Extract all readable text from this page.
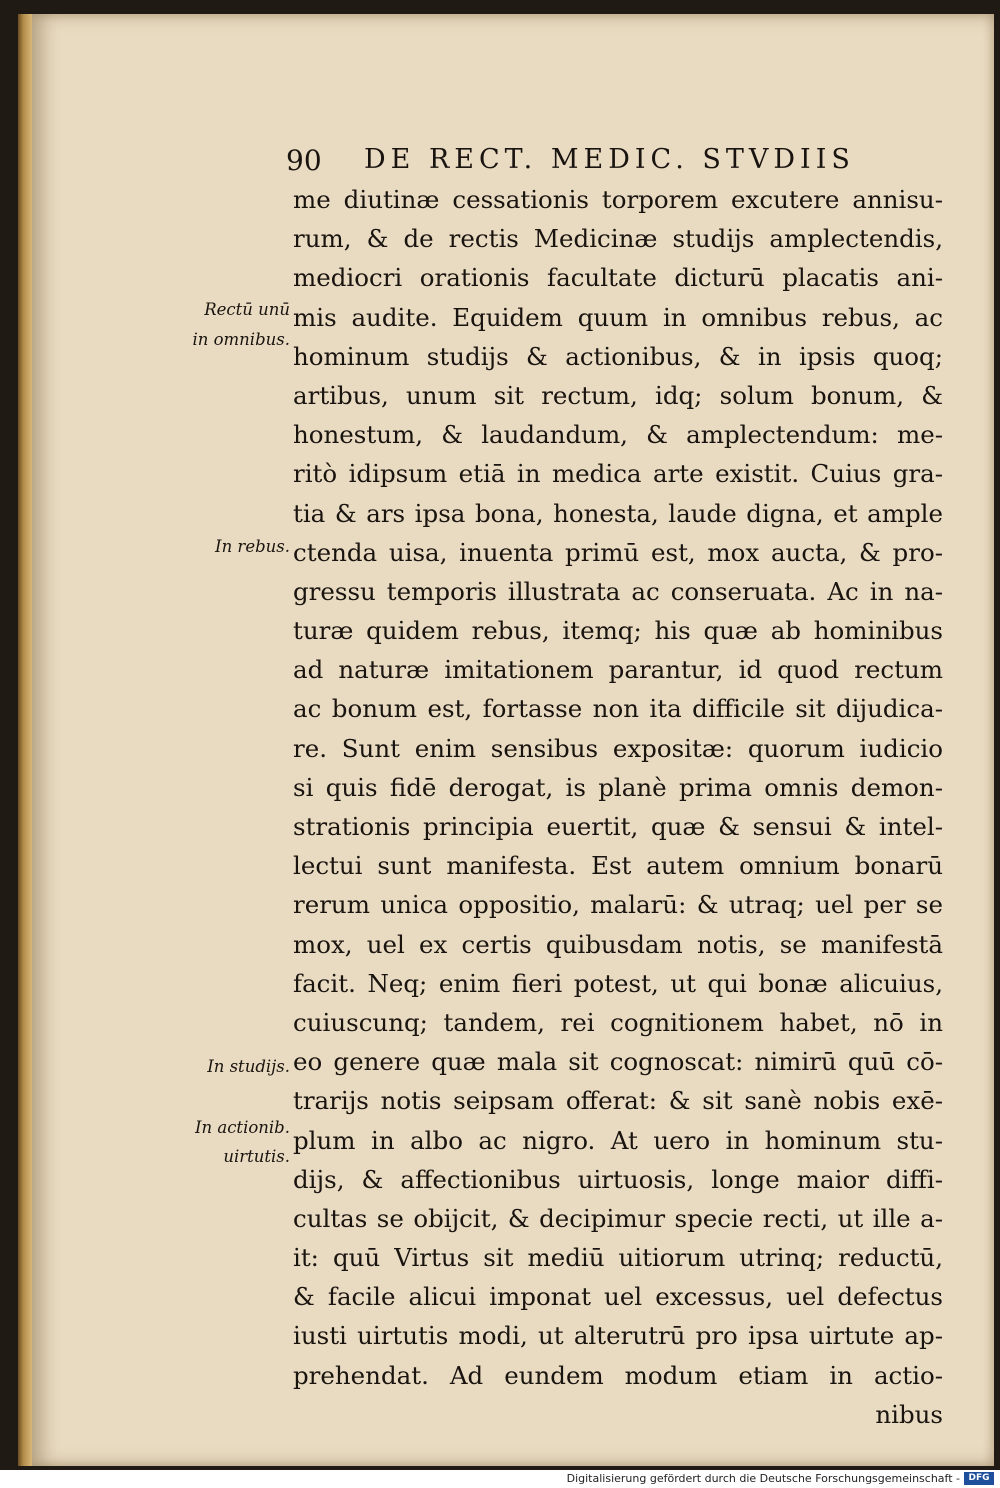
90 DE RECT. MEDIC. STVDIIS
me diutinæ cessationis torporem excutere annisu-
rum, & de rectis Medicinæ studijs amplectendis,
mediocri orationis facultate dicturū placatis ani-
mis audite. Equidem quum in omnibus rebus, ac
hominum studijs & actionibus, & in ipsis quoq;
artibus, unum sit rectum, idq; solum bonum, &
honestum, & laudandum, & amplectendum: me-
ritò idipsum etiā in medica arte existit. Cuius gra-
tia & ars ipsa bona, honesta, laude digna, et ample
ctenda uisa, inuenta primū est, mox aucta, & pro-
gressu temporis illustrata ac conseruata. Ac in na-
turæ quidem rebus, itemq; his quæ ab hominibus
ad naturæ imitationem parantur, id quod rectum
ac bonum est, fortasse non ita difficile sit dijudica-
re. Sunt enim sensibus expositæ: quorum iudicio
si quis fidē derogat, is planè prima omnis demon-
strationis principia euertit, quæ & sensui & intel-
lectui sunt manifesta. Est autem omnium bonarū
rerum unica oppositio, malarū: & utraq; uel per se
mox, uel ex certis quibusdam notis, se manifestā
facit. Neq; enim fieri potest, ut qui bonæ alicuius,
cuiuscunq; tandem, rei cognitionem habet, nō in
eo genere quæ mala sit cognoscat: nimirū quū cō-
trarijs notis seipsam offerat: & sit sanè nobis exē-
plum in albo ac nigro. At uero in hominum stu-
dijs, & affectionibus uirtuosis, longe maior diffi-
cultas se obijcit, & decipimur specie recti, ut ille a-
it: quū Virtus sit mediū uitiorum utrinq; reductū,
& facile alicui imponat uel excessus, uel defectus
iusti uirtutis modi, ut alterutrū pro ipsa uirtute ap-
prehendat. Ad eundem modum etiam in actio-
nibus
Rectū unū
in omnibus.
In rebus.
In studijs.
In actionib.
uirtutis.
Digitalisierung gefördert durch die Deutsche Forschungsgemeinschaft - DFG
